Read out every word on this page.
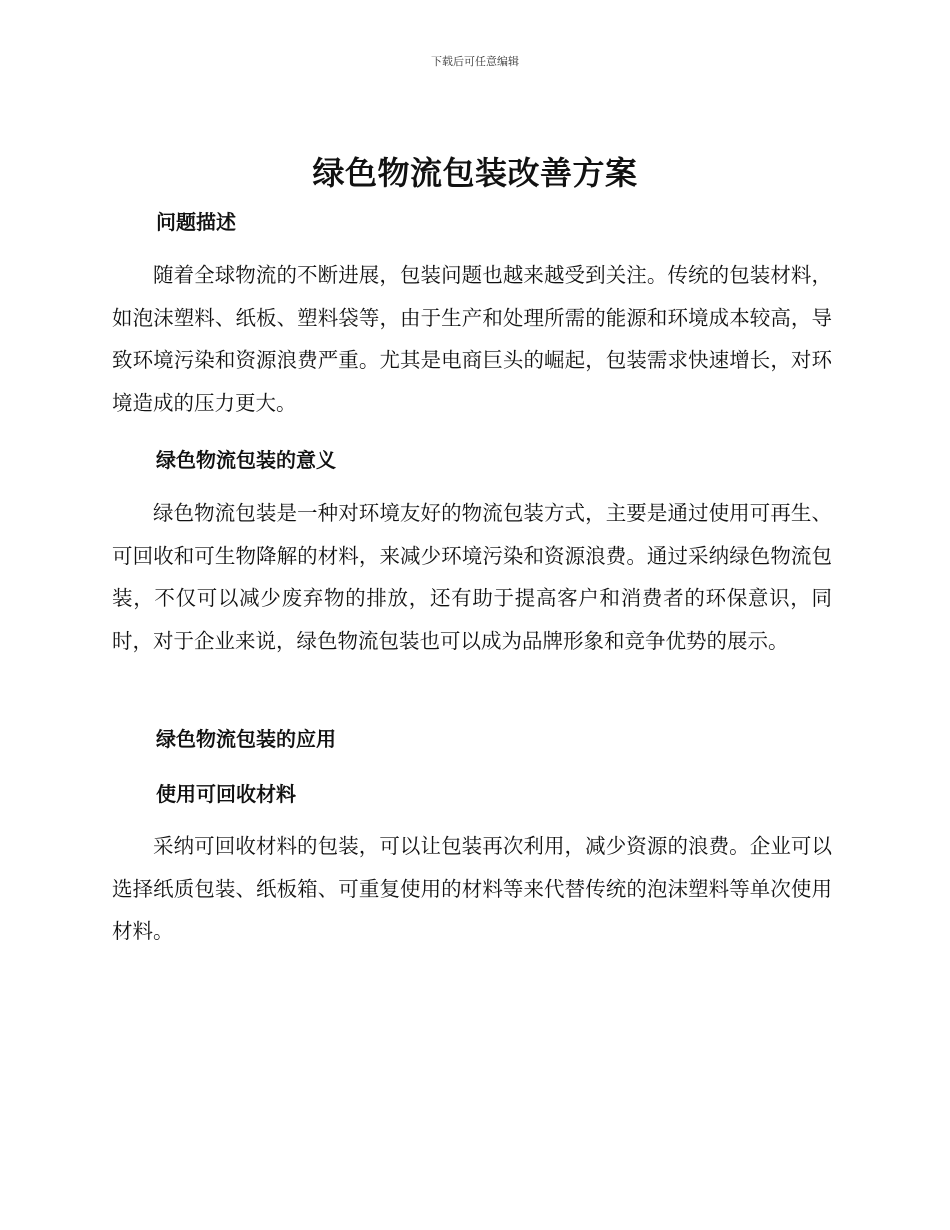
下载后可任意编辑
绿色物流包装改善方案
问题描述

随着全球物流的不断进展，包装问题也越来越受到关注。传统的包装材料，如泡沫塑料、纸板、塑料袋等，由于生产和处理所需的能源和环境成本较高，导致环境污染和资源浪费严重。尤其是电商巨头的崛起，包装需求快速增长，对环境造成的压力更大。

绿色物流包装的意义

绿色物流包装是一种对环境友好的物流包装方式，主要是通过使用可再生、可回收和可生物降解的材料，来减少环境污染和资源浪费。通过采纳绿色物流包装，不仅可以减少废弃物的排放，还有助于提高客户和消费者的环保意识，同时，对于企业来说，绿色物流包装也可以成为品牌形象和竞争优势的展示。

绿色物流包装的应用
使用可回收材料

采纳可回收材料的包装，可以让包装再次利用，减少资源的浪费。企业可以选择纸质包装、纸板箱、可重复使用的材料等来代替传统的泡沫塑料等单次使用材料。
